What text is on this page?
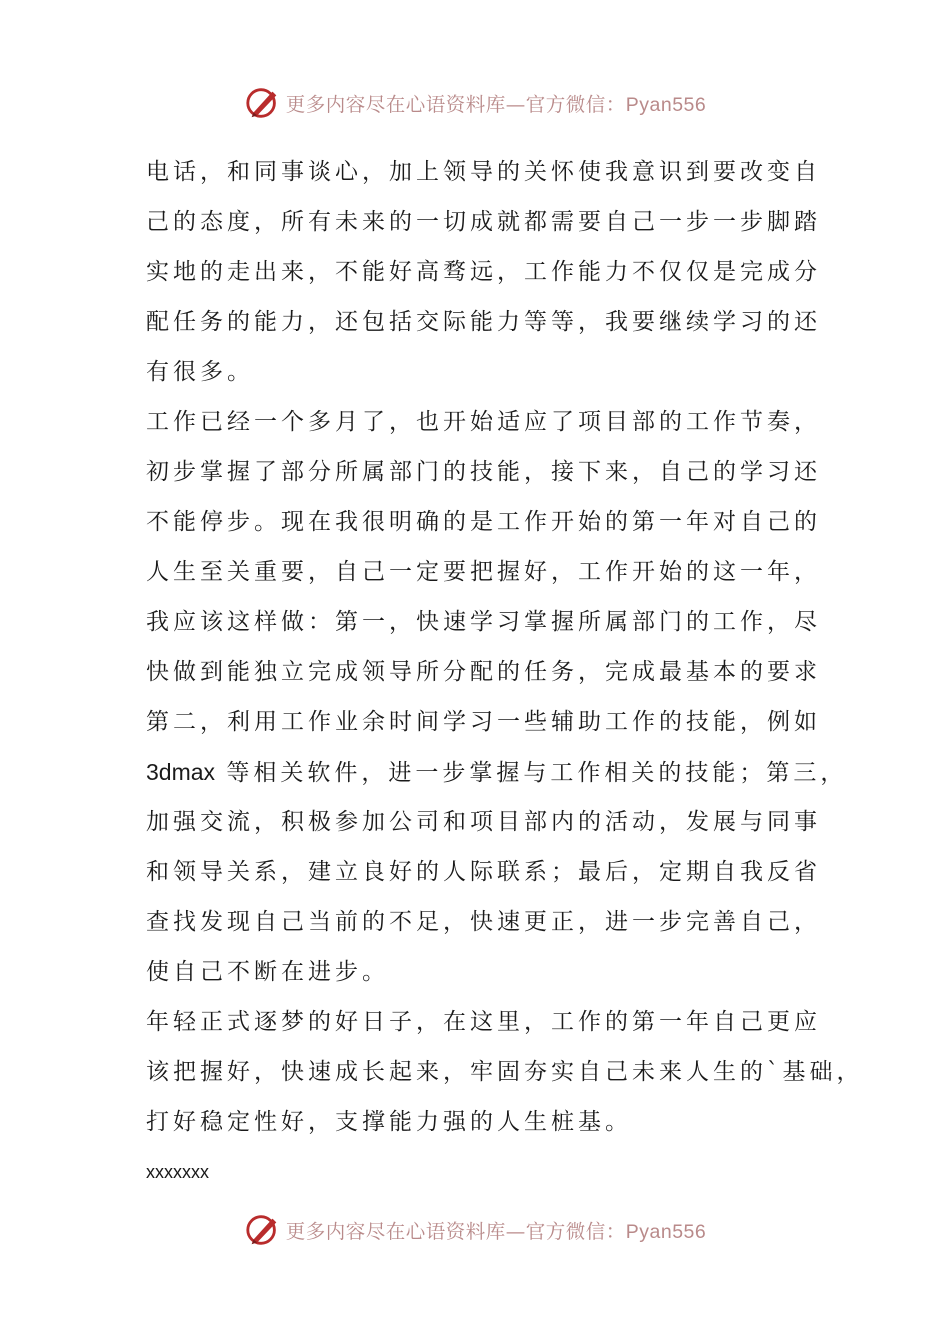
更多内容尽在心语资料库—官方微信：Pyan556
电话，和同事谈心，加上领导的关怀使我意识到要改变自
己的态度，所有未来的一切成就都需要自己一步一步脚踏
实地的走出来，不能好高骛远，工作能力不仅仅是完成分
配任务的能力，还包括交际能力等等，我要继续学习的还
有很多。
工作已经一个多月了，也开始适应了项目部的工作节奏，
初步掌握了部分所属部门的技能，接下来，自己的学习还
不能停步。现在我很明确的是工作开始的第一年对自己的
人生至关重要，自己一定要把握好，工作开始的这一年，
我应该这样做：第一，快速学习掌握所属部门的工作，尽
快做到能独立完成领导所分配的任务，完成最基本的要求
第二，利用工作业余时间学习一些辅助工作的技能，例如
3dmax 等相关软件，进一步掌握与工作相关的技能；第三，
加强交流，积极参加公司和项目部内的活动，发展与同事
和领导关系，建立良好的人际联系；最后，定期自我反省
查找发现自己当前的不足，快速更正，进一步完善自己，
使自己不断在进步。
年轻正式逐梦的好日子，在这里，工作的第一年自己更应
该把握好，快速成长起来，牢固夯实自己未来人生的`基础，
打好稳定性好，支撑能力强的人生桩基。
xxxxxxx
更多内容尽在心语资料库—官方微信：Pyan556
